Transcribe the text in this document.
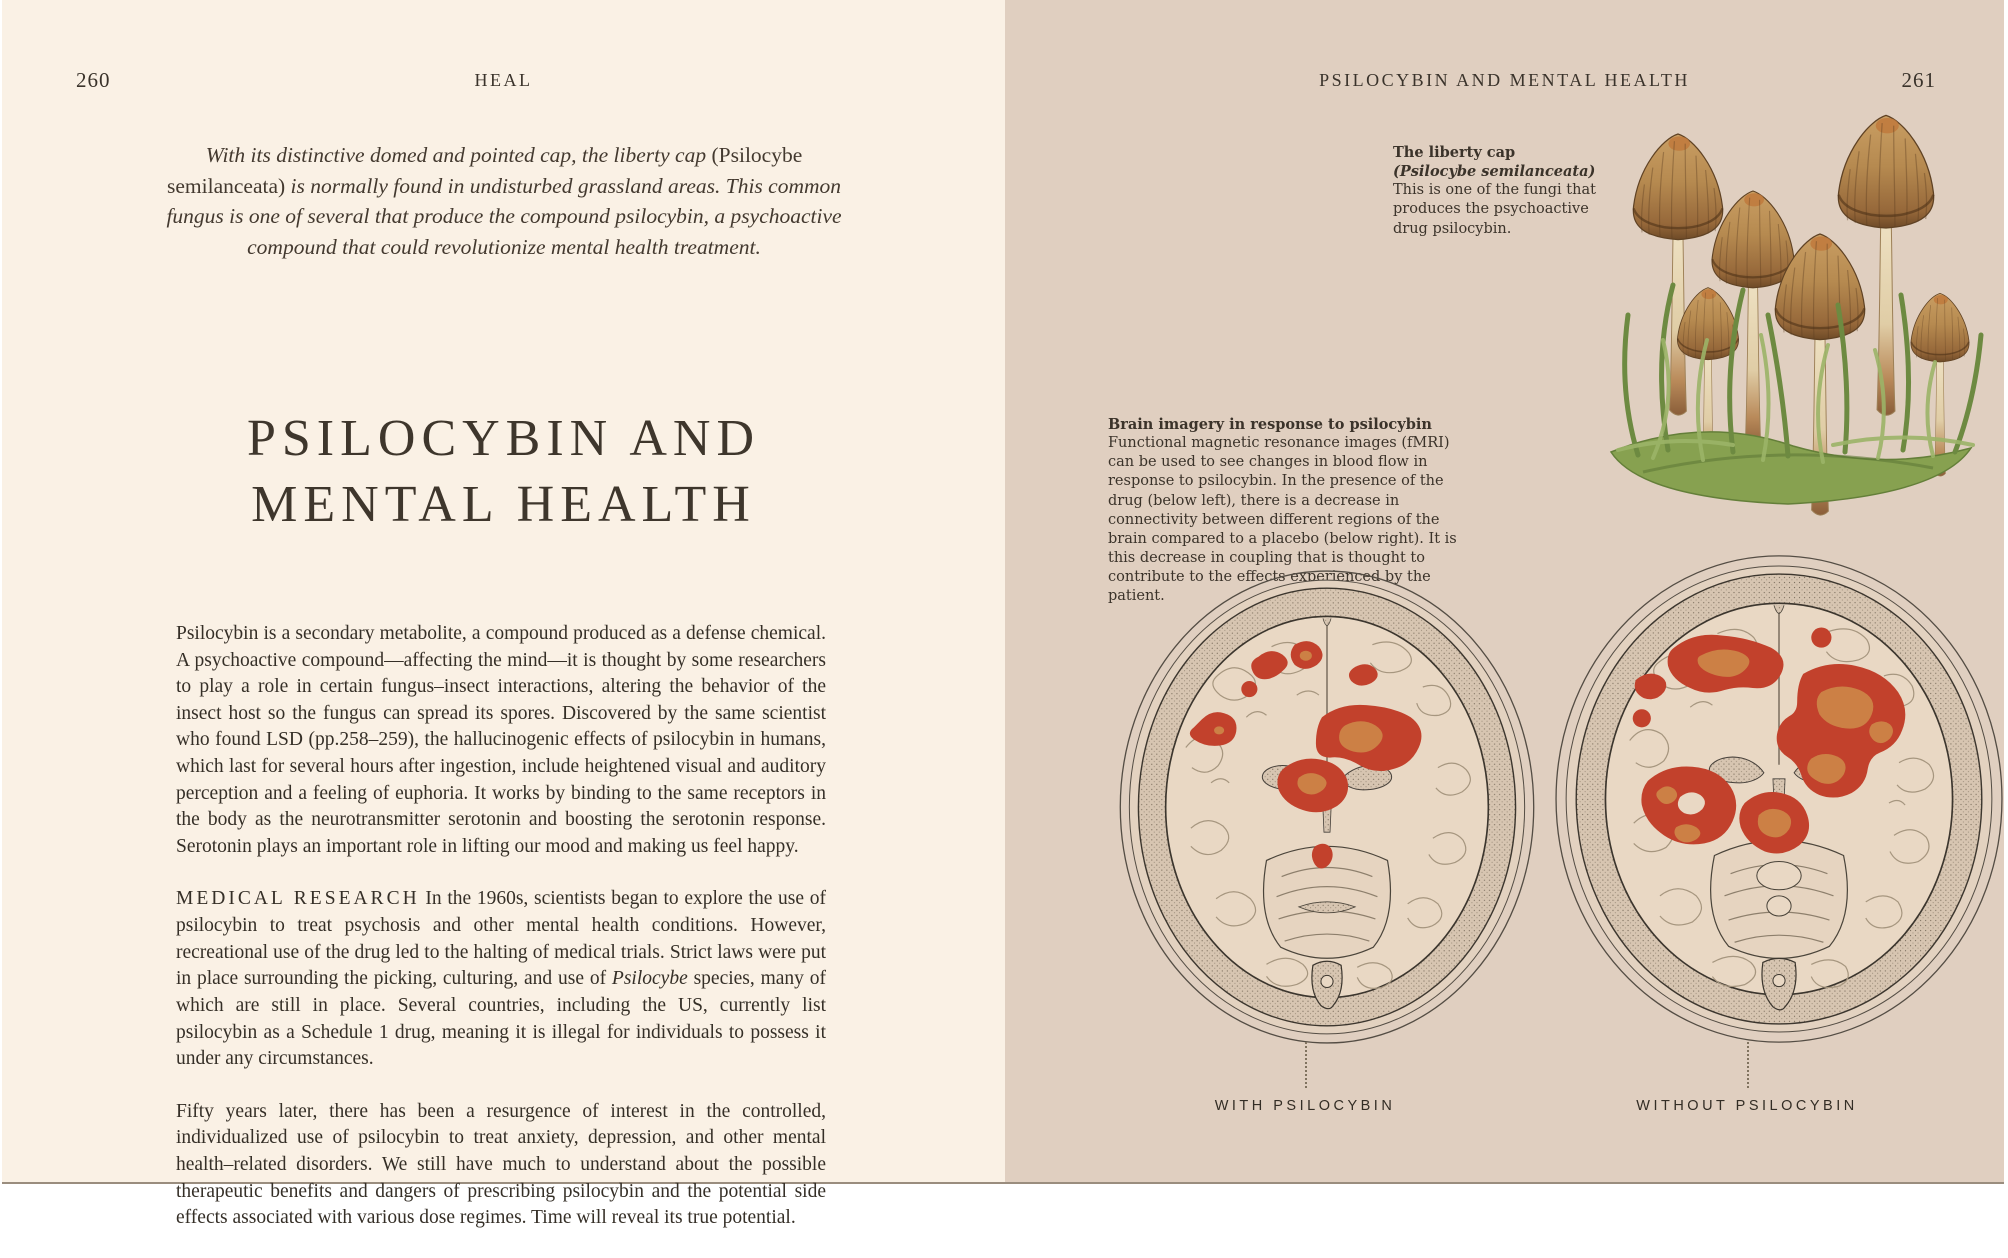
260	HEAL
With its distinctive domed and pointed cap, the liberty cap (Psilocybe semilanceata) is normally found in undisturbed grassland areas. This common fungus is one of several that produce the compound psilocybin, a psychoactive compound that could revolutionize mental health treatment.
PSILOCYBIN AND
MENTAL HEALTH

Psilocybin is a secondary metabolite, a compound produced as a defense chemical. A psychoactive compound—affecting the mind—it is thought by some researchers to play a role in certain fungus–insect interactions, altering the behavior of the insect host so the fungus can spread its spores. Discovered by the same scientist who found LSD (pp.258–259), the hallucinogenic effects of psilocybin in humans, which last for several hours after ingestion, include heightened visual and auditory perception and a feeling of euphoria. It works by binding to the same receptors in the body as the neurotransmitter serotonin and boosting the serotonin response. Serotonin plays an important role in lifting our mood and making us feel happy.

MEDICAL RESEARCH In the 1960s, scientists began to explore the use of psilocybin to treat psychosis and other mental health conditions. However, recreational use of the drug led to the halting of medical trials. Strict laws were put in place surrounding the picking, culturing, and use of Psilocybe species, many of which are still in place. Several countries, including the US, currently list psilocybin as a Schedule 1 drug, meaning it is illegal for individuals to possess it under any circumstances.

Fifty years later, there has been a resurgence of interest in the controlled, individualized use of psilocybin to treat anxiety, depression, and other mental health–related disorders. We still have much to understand about the possible therapeutic benefits and dangers of prescribing psilocybin and the potential side effects associated with various dose regimes. Time will reveal its true potential.

PSILOCYBIN AND MENTAL HEALTH	261
The liberty cap
(Psilocybe semilanceata)
This is one of the fungi that produces the psychoactive drug psilocybin.
Brain imagery in response to psilocybin
Functional magnetic resonance images (fMRI) can be used to see changes in blood flow in response to psilocybin. In the presence of the drug (below left), there is a decrease in connectivity between different regions of the brain compared to a placebo (below right). It is this decrease in coupling that is thought to contribute to the effects experienced by the patient.
WITH PSILOCYBIN	WITHOUT PSILOCYBIN
